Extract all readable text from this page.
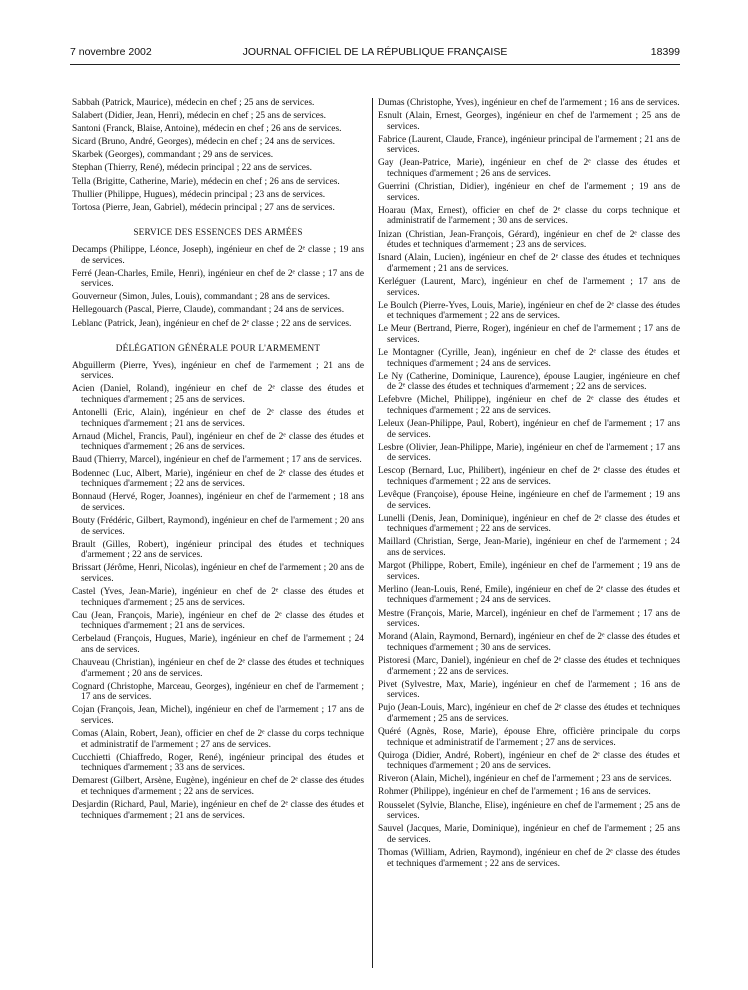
7 novembre 2002	JOURNAL OFFICIEL DE LA RÉPUBLIQUE FRANÇAISE	18399

Sabbah (Patrick, Maurice), médecin en chef ; 25 ans de services.

Salabert (Didier, Jean, Henri), médecin en chef ; 25 ans de services.

Santoni (Franck, Blaise, Antoine), médecin en chef ; 26 ans de services.

Sicard (Bruno, André, Georges), médecin en chef ; 24 ans de services.

Skarbek (Georges), commandant ; 29 ans de services.

Stephan (Thierry, René), médecin principal ; 22 ans de services.

Tella (Brigitte, Catherine, Marie), médecin en chef ; 26 ans de services.

Thullier (Philippe, Hugues), médecin principal ; 23 ans de services.

Tortosa (Pierre, Jean, Gabriel), médecin principal ; 27 ans de services.

SERVICE DES ESSENCES DES ARMÉES

Decamps (Philippe, Léonce, Joseph), ingénieur en chef de 2ᵉ classe ; 19 ans de services.

Ferré (Jean-Charles, Emile, Henri), ingénieur en chef de 2ᵉ classe ; 17 ans de services.

Gouverneur (Simon, Jules, Louis), commandant ; 28 ans de services.

Hellegouarch (Pascal, Pierre, Claude), commandant ; 24 ans de services.

Leblanc (Patrick, Jean), ingénieur en chef de 2ᵉ classe ; 22 ans de services.

DÉLÉGATION GÉNÉRALE POUR L'ARMEMENT

Abguillerm (Pierre, Yves), ingénieur en chef de l'armement ; 21 ans de services.

Acien (Daniel, Roland), ingénieur en chef de 2ᵉ classe des études et techniques d'armement ; 25 ans de services.

Antonelli (Eric, Alain), ingénieur en chef de 2ᵉ classe des études et techniques d'armement ; 21 ans de services.

Arnaud (Michel, Francis, Paul), ingénieur en chef de 2ᵉ classe des études et techniques d'armement ; 26 ans de services.

Baud (Thierry, Marcel), ingénieur en chef de l'armement ; 17 ans de services.

Bodennec (Luc, Albert, Marie), ingénieur en chef de 2ᵉ classe des études et techniques d'armement ; 22 ans de services.

Bonnaud (Hervé, Roger, Joannes), ingénieur en chef de l'armement ; 18 ans de services.

Bouty (Frédéric, Gilbert, Raymond), ingénieur en chef de l'armement ; 20 ans de services.

Brault (Gilles, Robert), ingénieur principal des études et techniques d'armement ; 22 ans de services.

Brissart (Jérôme, Henri, Nicolas), ingénieur en chef de l'armement ; 20 ans de services.

Castel (Yves, Jean-Marie), ingénieur en chef de 2ᵉ classe des études et techniques d'armement ; 25 ans de services.

Cau (Jean, François, Marie), ingénieur en chef de 2ᵉ classe des études et techniques d'armement ; 21 ans de services.

Cerbelaud (François, Hugues, Marie), ingénieur en chef de l'armement ; 24 ans de services.

Chauveau (Christian), ingénieur en chef de 2ᵉ classe des études et techniques d'armement ; 20 ans de services.

Cognard (Christophe, Marceau, Georges), ingénieur en chef de l'armement ; 17 ans de services.

Cojan (François, Jean, Michel), ingénieur en chef de l'armement ; 17 ans de services.

Comas (Alain, Robert, Jean), officier en chef de 2ᵉ classe du corps technique et administratif de l'armement ; 27 ans de services.

Cucchietti (Chiaffredo, Roger, René), ingénieur principal des études et techniques d'armement ; 33 ans de services.

Demarest (Gilbert, Arsène, Eugène), ingénieur en chef de 2ᵉ classe des études et techniques d'armement ; 22 ans de services.

Desjardin (Richard, Paul, Marie), ingénieur en chef de 2ᵉ classe des études et techniques d'armement ; 21 ans de services.

Dumas (Christophe, Yves), ingénieur en chef de l'armement ; 16 ans de services.

Esnult (Alain, Ernest, Georges), ingénieur en chef de l'armement ; 25 ans de services.

Fabrice (Laurent, Claude, France), ingénieur principal de l'armement ; 21 ans de services.

Gay (Jean-Patrice, Marie), ingénieur en chef de 2ᵉ classe des études et techniques d'armement ; 26 ans de services.

Guerrini (Christian, Didier), ingénieur en chef de l'armement ; 19 ans de services.

Hoarau (Max, Ernest), officier en chef de 2ᵉ classe du corps technique et administratif de l'armement ; 30 ans de services.

Inizan (Christian, Jean-François, Gérard), ingénieur en chef de 2ᵉ classe des études et techniques d'armement ; 23 ans de services.

Isnard (Alain, Lucien), ingénieur en chef de 2ᵉ classe des études et techniques d'armement ; 21 ans de services.

Kerléguer (Laurent, Marc), ingénieur en chef de l'armement ; 17 ans de services.

Le Boulch (Pierre-Yves, Louis, Marie), ingénieur en chef de 2ᵉ classe des études et techniques d'armement ; 22 ans de services.

Le Meur (Bertrand, Pierre, Roger), ingénieur en chef de l'armement ; 17 ans de services.

Le Montagner (Cyrille, Jean), ingénieur en chef de 2ᵉ classe des études et techniques d'armement ; 24 ans de services.

Le Ny (Catherine, Dominique, Laurence), épouse Laugier, ingénieure en chef de 2ᵉ classe des études et techniques d'armement ; 22 ans de services.

Lefebvre (Michel, Philippe), ingénieur en chef de 2ᵉ classe des études et techniques d'armement ; 22 ans de services.

Leleux (Jean-Philippe, Paul, Robert), ingénieur en chef de l'armement ; 17 ans de services.

Lesbre (Olivier, Jean-Philippe, Marie), ingénieur en chef de l'armement ; 17 ans de services.

Lescop (Bernard, Luc, Philibert), ingénieur en chef de 2ᵉ classe des études et techniques d'armement ; 22 ans de services.

Levêque (Françoise), épouse Heine, ingénieure en chef de l'armement ; 19 ans de services.

Lunelli (Denis, Jean, Dominique), ingénieur en chef de 2ᵉ classe des études et techniques d'armement ; 22 ans de services.

Maillard (Christian, Serge, Jean-Marie), ingénieur en chef de l'armement ; 24 ans de services.

Margot (Philippe, Robert, Emile), ingénieur en chef de l'armement ; 19 ans de services.

Merlino (Jean-Louis, René, Emile), ingénieur en chef de 2ᵉ classe des études et techniques d'armement ; 24 ans de services.

Mestre (François, Marie, Marcel), ingénieur en chef de l'armement ; 17 ans de services.

Morand (Alain, Raymond, Bernard), ingénieur en chef de 2ᵉ classe des études et techniques d'armement ; 30 ans de services.

Pistoresi (Marc, Daniel), ingénieur en chef de 2ᵉ classe des études et techniques d'armement ; 22 ans de services.

Pivet (Sylvestre, Max, Marie), ingénieur en chef de l'armement ; 16 ans de services.

Pujo (Jean-Louis, Marc), ingénieur en chef de 2ᵉ classe des études et techniques d'armement ; 25 ans de services.

Quéré (Agnès, Rose, Marie), épouse Ehre, officière principale du corps technique et administratif de l'armement ; 27 ans de services.

Quiroga (Didier, André, Robert), ingénieur en chef de 2ᵉ classe des études et techniques d'armement ; 20 ans de services.

Riveron (Alain, Michel), ingénieur en chef de l'armement ; 23 ans de services.

Rohmer (Philippe), ingénieur en chef de l'armement ; 16 ans de services.

Rousselet (Sylvie, Blanche, Elise), ingénieure en chef de l'armement ; 25 ans de services.

Sauvel (Jacques, Marie, Dominique), ingénieur en chef de l'armement ; 25 ans de services.

Thomas (William, Adrien, Raymond), ingénieur en chef de 2ᵉ classe des études et techniques d'armement ; 22 ans de services.
